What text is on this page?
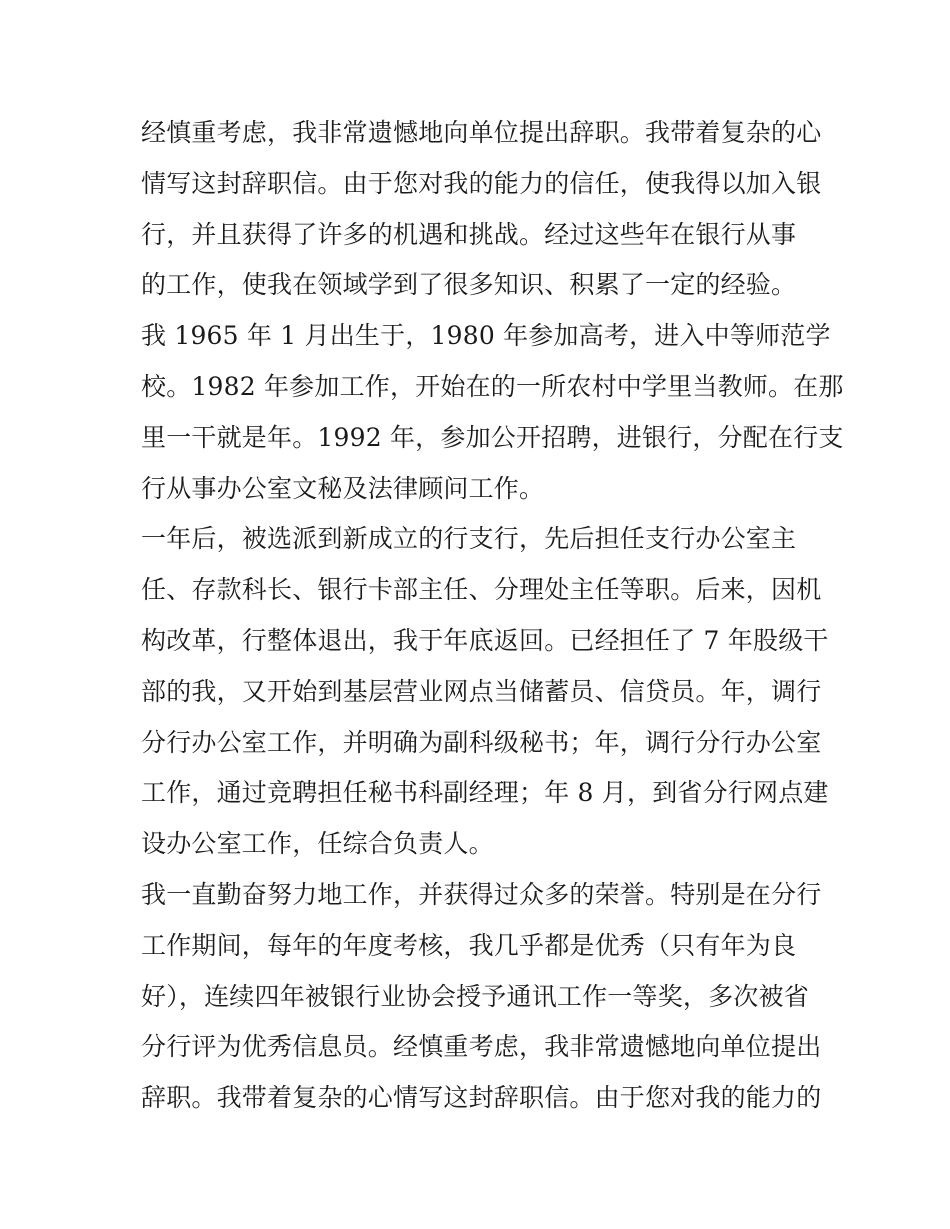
经慎重考虑，我非常遗憾地向单位提出辞职。我带着复杂的心
情写这封辞职信。由于您对我的能力的信任，使我得以加入银
行，并且获得了许多的机遇和挑战。经过这些年在银行从事
的工作，使我在领域学到了很多知识、积累了一定的经验。
我 1965 年 1 月出生于，1980 年参加高考，进入中等师范学
校。1982 年参加工作，开始在的一所农村中学里当教师。在那
里一干就是年。1992 年，参加公开招聘，进银行，分配在行支
行从事办公室文秘及法律顾问工作。
一年后，被选派到新成立的行支行，先后担任支行办公室主
任、存款科长、银行卡部主任、分理处主任等职。后来，因机
构改革，行整体退出，我于年底返回。已经担任了 7 年股级干
部的我，又开始到基层营业网点当储蓄员、信贷员。年，调行
分行办公室工作，并明确为副科级秘书；年，调行分行办公室
工作，通过竞聘担任秘书科副经理；年 8 月，到省分行网点建
设办公室工作，任综合负责人。
我一直勤奋努力地工作，并获得过众多的荣誉。特别是在分行
工作期间，每年的年度考核，我几乎都是优秀（只有年为良
好），连续四年被银行业协会授予通讯工作一等奖，多次被省
分行评为优秀信息员。经慎重考虑，我非常遗憾地向单位提出
辞职。我带着复杂的心情写这封辞职信。由于您对我的能力的
